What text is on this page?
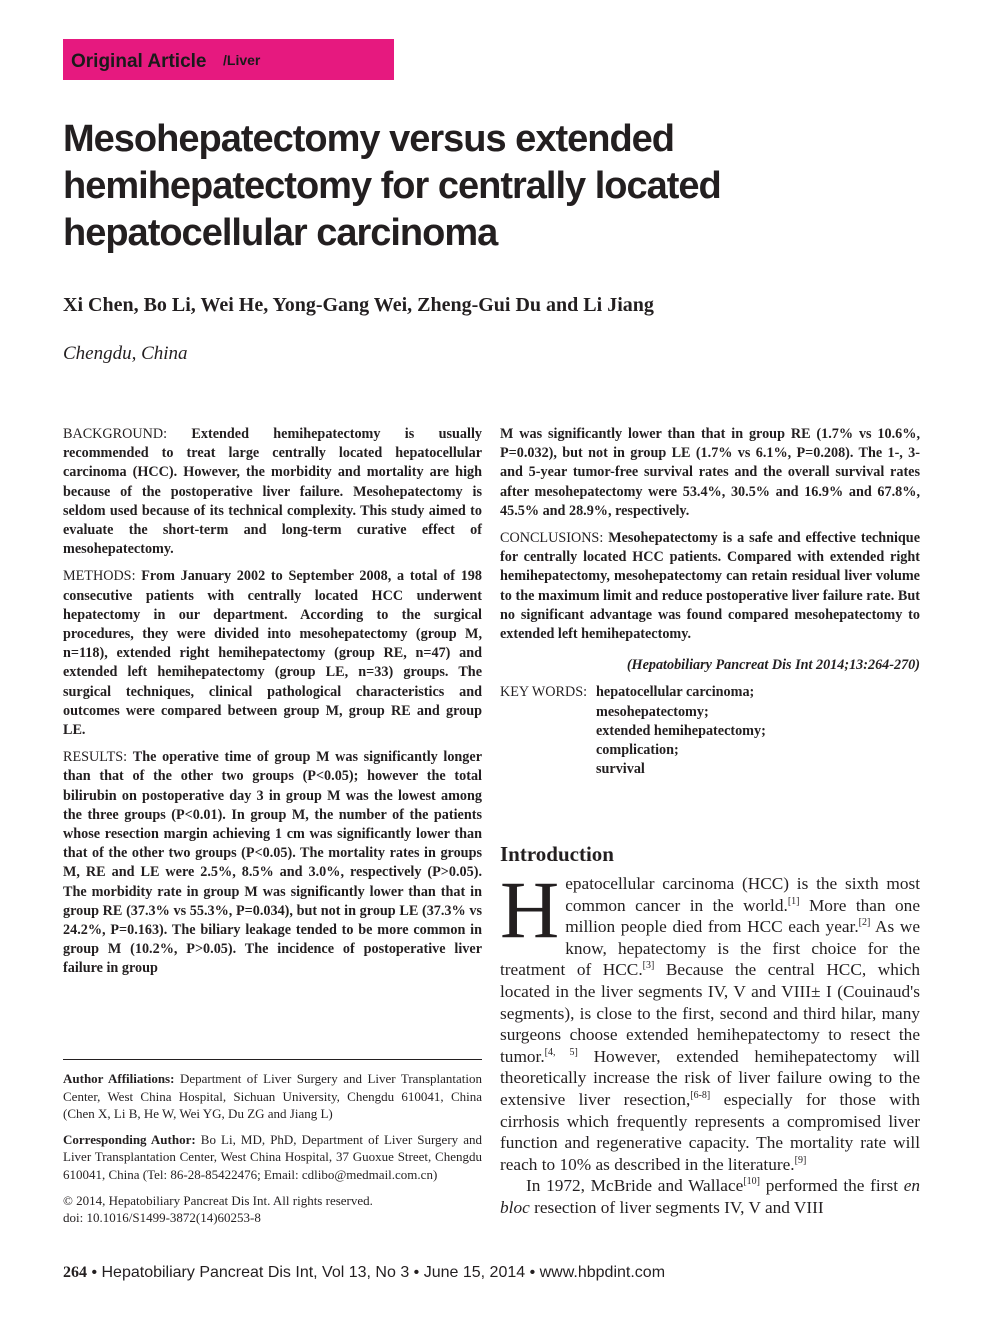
Original Article /Liver
Mesohepatectomy versus extended hemihepatectomy for centrally located hepatocellular carcinoma
Xi Chen, Bo Li, Wei He, Yong-Gang Wei, Zheng-Gui Du and Li Jiang
Chengdu, China

BACKGROUND: Extended hemihepatectomy is usually recommended to treat large centrally located hepatocellular carcinoma (HCC). However, the morbidity and mortality are high because of the postoperative liver failure. Mesohepatectomy is seldom used because of its technical complexity. This study aimed to evaluate the short-term and long-term curative effect of mesohepatectomy.

METHODS: From January 2002 to September 2008, a total of 198 consecutive patients with centrally located HCC underwent hepatectomy in our department. According to the surgical procedures, they were divided into mesohepatectomy (group M, n=118), extended right hemihepatectomy (group RE, n=47) and extended left hemihepatectomy (group LE, n=33) groups. The surgical techniques, clinical pathological characteristics and outcomes were compared between group M, group RE and group LE.

RESULTS: The operative time of group M was significantly longer than that of the other two groups (P<0.05); however the total bilirubin on postoperative day 3 in group M was the lowest among the three groups (P<0.01). In group M, the number of the patients whose resection margin achieving 1 cm was significantly lower than that of the other two groups (P<0.05). The mortality rates in groups M, RE and LE were 2.5%, 8.5% and 3.0%, respectively (P>0.05). The morbidity rate in group M was significantly lower than that in group RE (37.3% vs 55.3%, P=0.034), but not in group LE (37.3% vs 24.2%, P=0.163). The biliary leakage tended to be more common in group M (10.2%, P>0.05). The incidence of postoperative liver failure in group

M was significantly lower than that in group RE (1.7% vs 10.6%, P=0.032), but not in group LE (1.7% vs 6.1%, P=0.208). The 1-, 3- and 5-year tumor-free survival rates and the overall survival rates after mesohepatectomy were 53.4%, 30.5% and 16.9% and 67.8%, 45.5% and 28.9%, respectively.

CONCLUSIONS: Mesohepatectomy is a safe and effective technique for centrally located HCC patients. Compared with extended right hemihepatectomy, mesohepatectomy can retain residual liver volume to the maximum limit and reduce postoperative liver failure rate. But no significant advantage was found compared mesohepatectomy to extended left hemihepatectomy.

(Hepatobiliary Pancreat Dis Int 2014;13:264-270)

KEY WORDS: hepatocellular carcinoma;
mesohepatectomy;
extended hemihepatectomy;
complication;
survival
Introduction

Hepatocellular carcinoma (HCC) is the sixth most common cancer in the world.[1] More than one million people died from HCC each year.[2] As we know, hepatectomy is the first choice for the treatment of HCC.[3] Because the central HCC, which located in the liver segments IV, V and VIII± I (Couinaud's segments), is close to the first, second and third hilar, many surgeons choose extended hemihepatectomy to resect the tumor.[4, 5] However, extended hemihepatectomy will theoretically increase the risk of liver failure owing to the extensive liver resection,[6-8] especially for those with cirrhosis which frequently represents a compromised liver function and regenerative capacity. The mortality rate will reach to 10% as described in the literature.[9]

In 1972, McBride and Wallace[10] performed the first en bloc resection of liver segments IV, V and VIII

Author Affiliations: Department of Liver Surgery and Liver Transplantation Center, West China Hospital, Sichuan University, Chengdu 610041, China (Chen X, Li B, He W, Wei YG, Du ZG and Jiang L)

Corresponding Author: Bo Li, MD, PhD, Department of Liver Surgery and Liver Transplantation Center, West China Hospital, 37 Guoxue Street, Chengdu 610041, China (Tel: 86-28-85422476; Email: cdlibo@medmail.com.cn)

© 2014, Hepatobiliary Pancreat Dis Int. All rights reserved.
doi: 10.1016/S1499-3872(14)60253-8
264 • Hepatobiliary Pancreat Dis Int, Vol 13, No 3 • June 15, 2014 • www.hbpdint.com
